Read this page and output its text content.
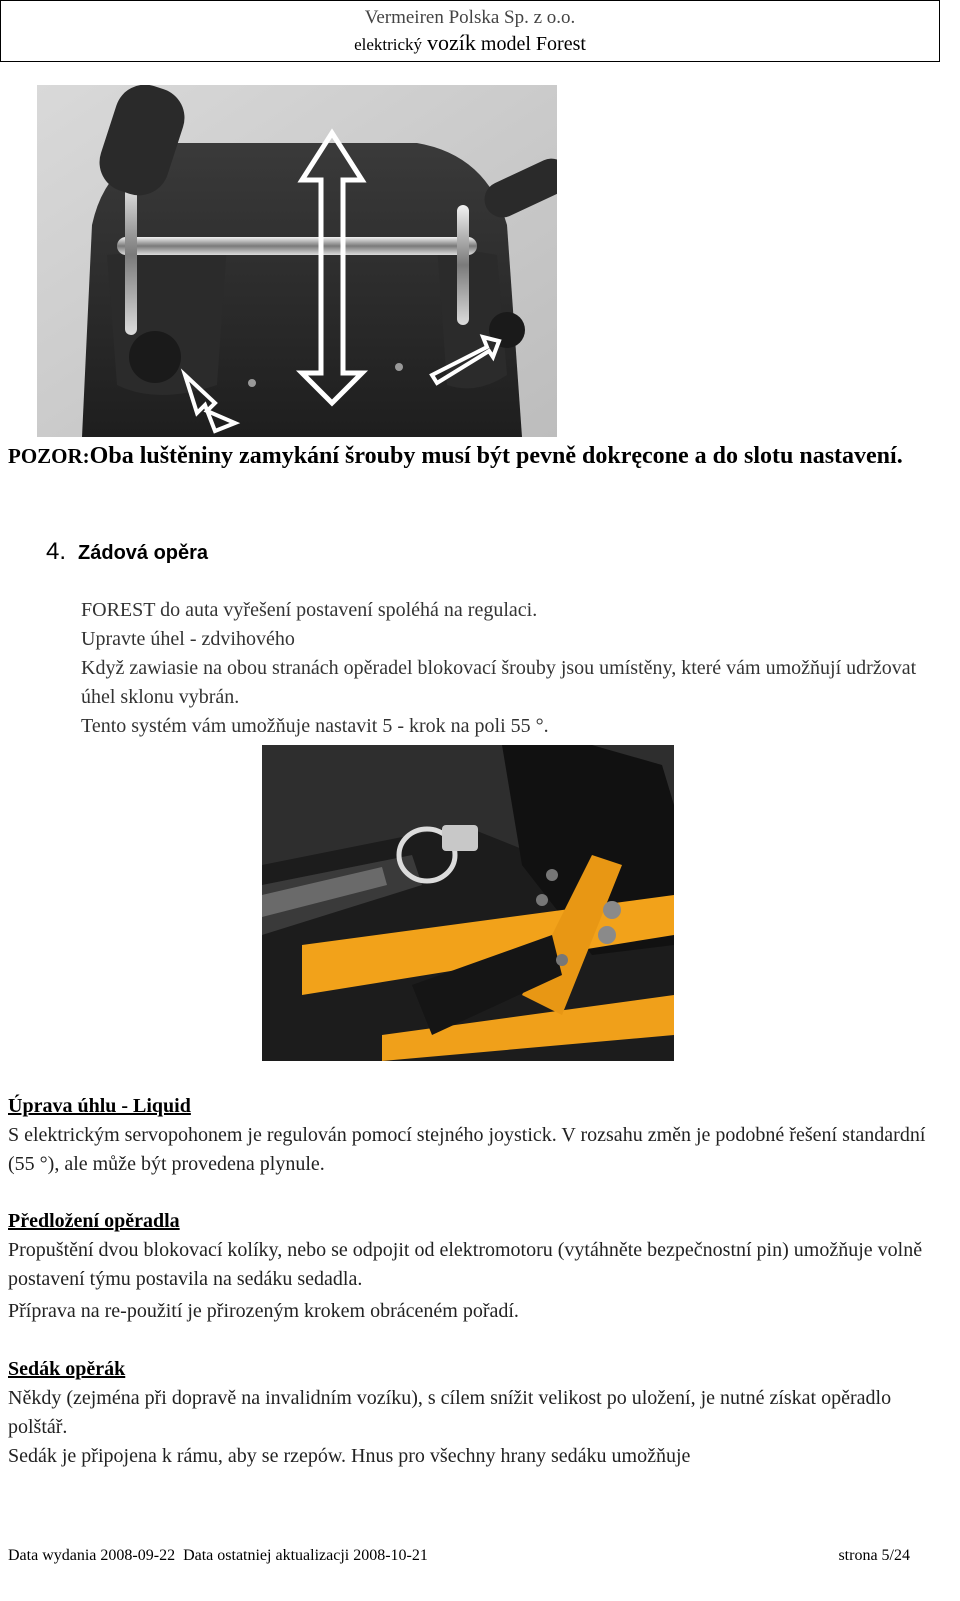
Vermeiren Polska Sp. z o.o.
elektrický vozík model Forest
POZOR:Oba luštěniny zamykání šrouby musí být pevně dokręcone a do slotu nastavení.
4. Zádová opěra
FOREST do auta vyřešení postavení spoléhá na regulaci.
Upravte úhel - zdvihového
Když zawiasie na obou stranách opěradel blokovací šrouby jsou umístěny, které vám umožňují udržovat úhel sklonu vybrán.
Tento systém vám umožňuje nastavit 5 - krok na poli 55 °.

Úprava úhlu - Liquid

S elektrickým servopohonem je regulován pomocí stejného joystick. V rozsahu změn je podobné řešení standardní (55 °), ale může být provedena plynule.

Předložení opěradla

Propuštění dvou blokovací kolíky, nebo se odpojit od elektromotoru (vytáhněte bezpečnostní pin) umožňuje volně postavení týmu postavila na sedáku sedadla.

Příprava na re-použití je přirozeným krokem obráceném pořadí.

Sedák opěrák

Někdy (zejména při dopravě na invalidním vozíku), s cílem snížit velikost po uložení, je nutné získat opěradlo polštář.

Sedák je připojena k rámu, aby se rzepów. Hnus pro všechny hrany sedáku umožňuje

Data wydania 2008-09-22 Data ostatniej aktualizacji 2008-10-21	strona 5/24
